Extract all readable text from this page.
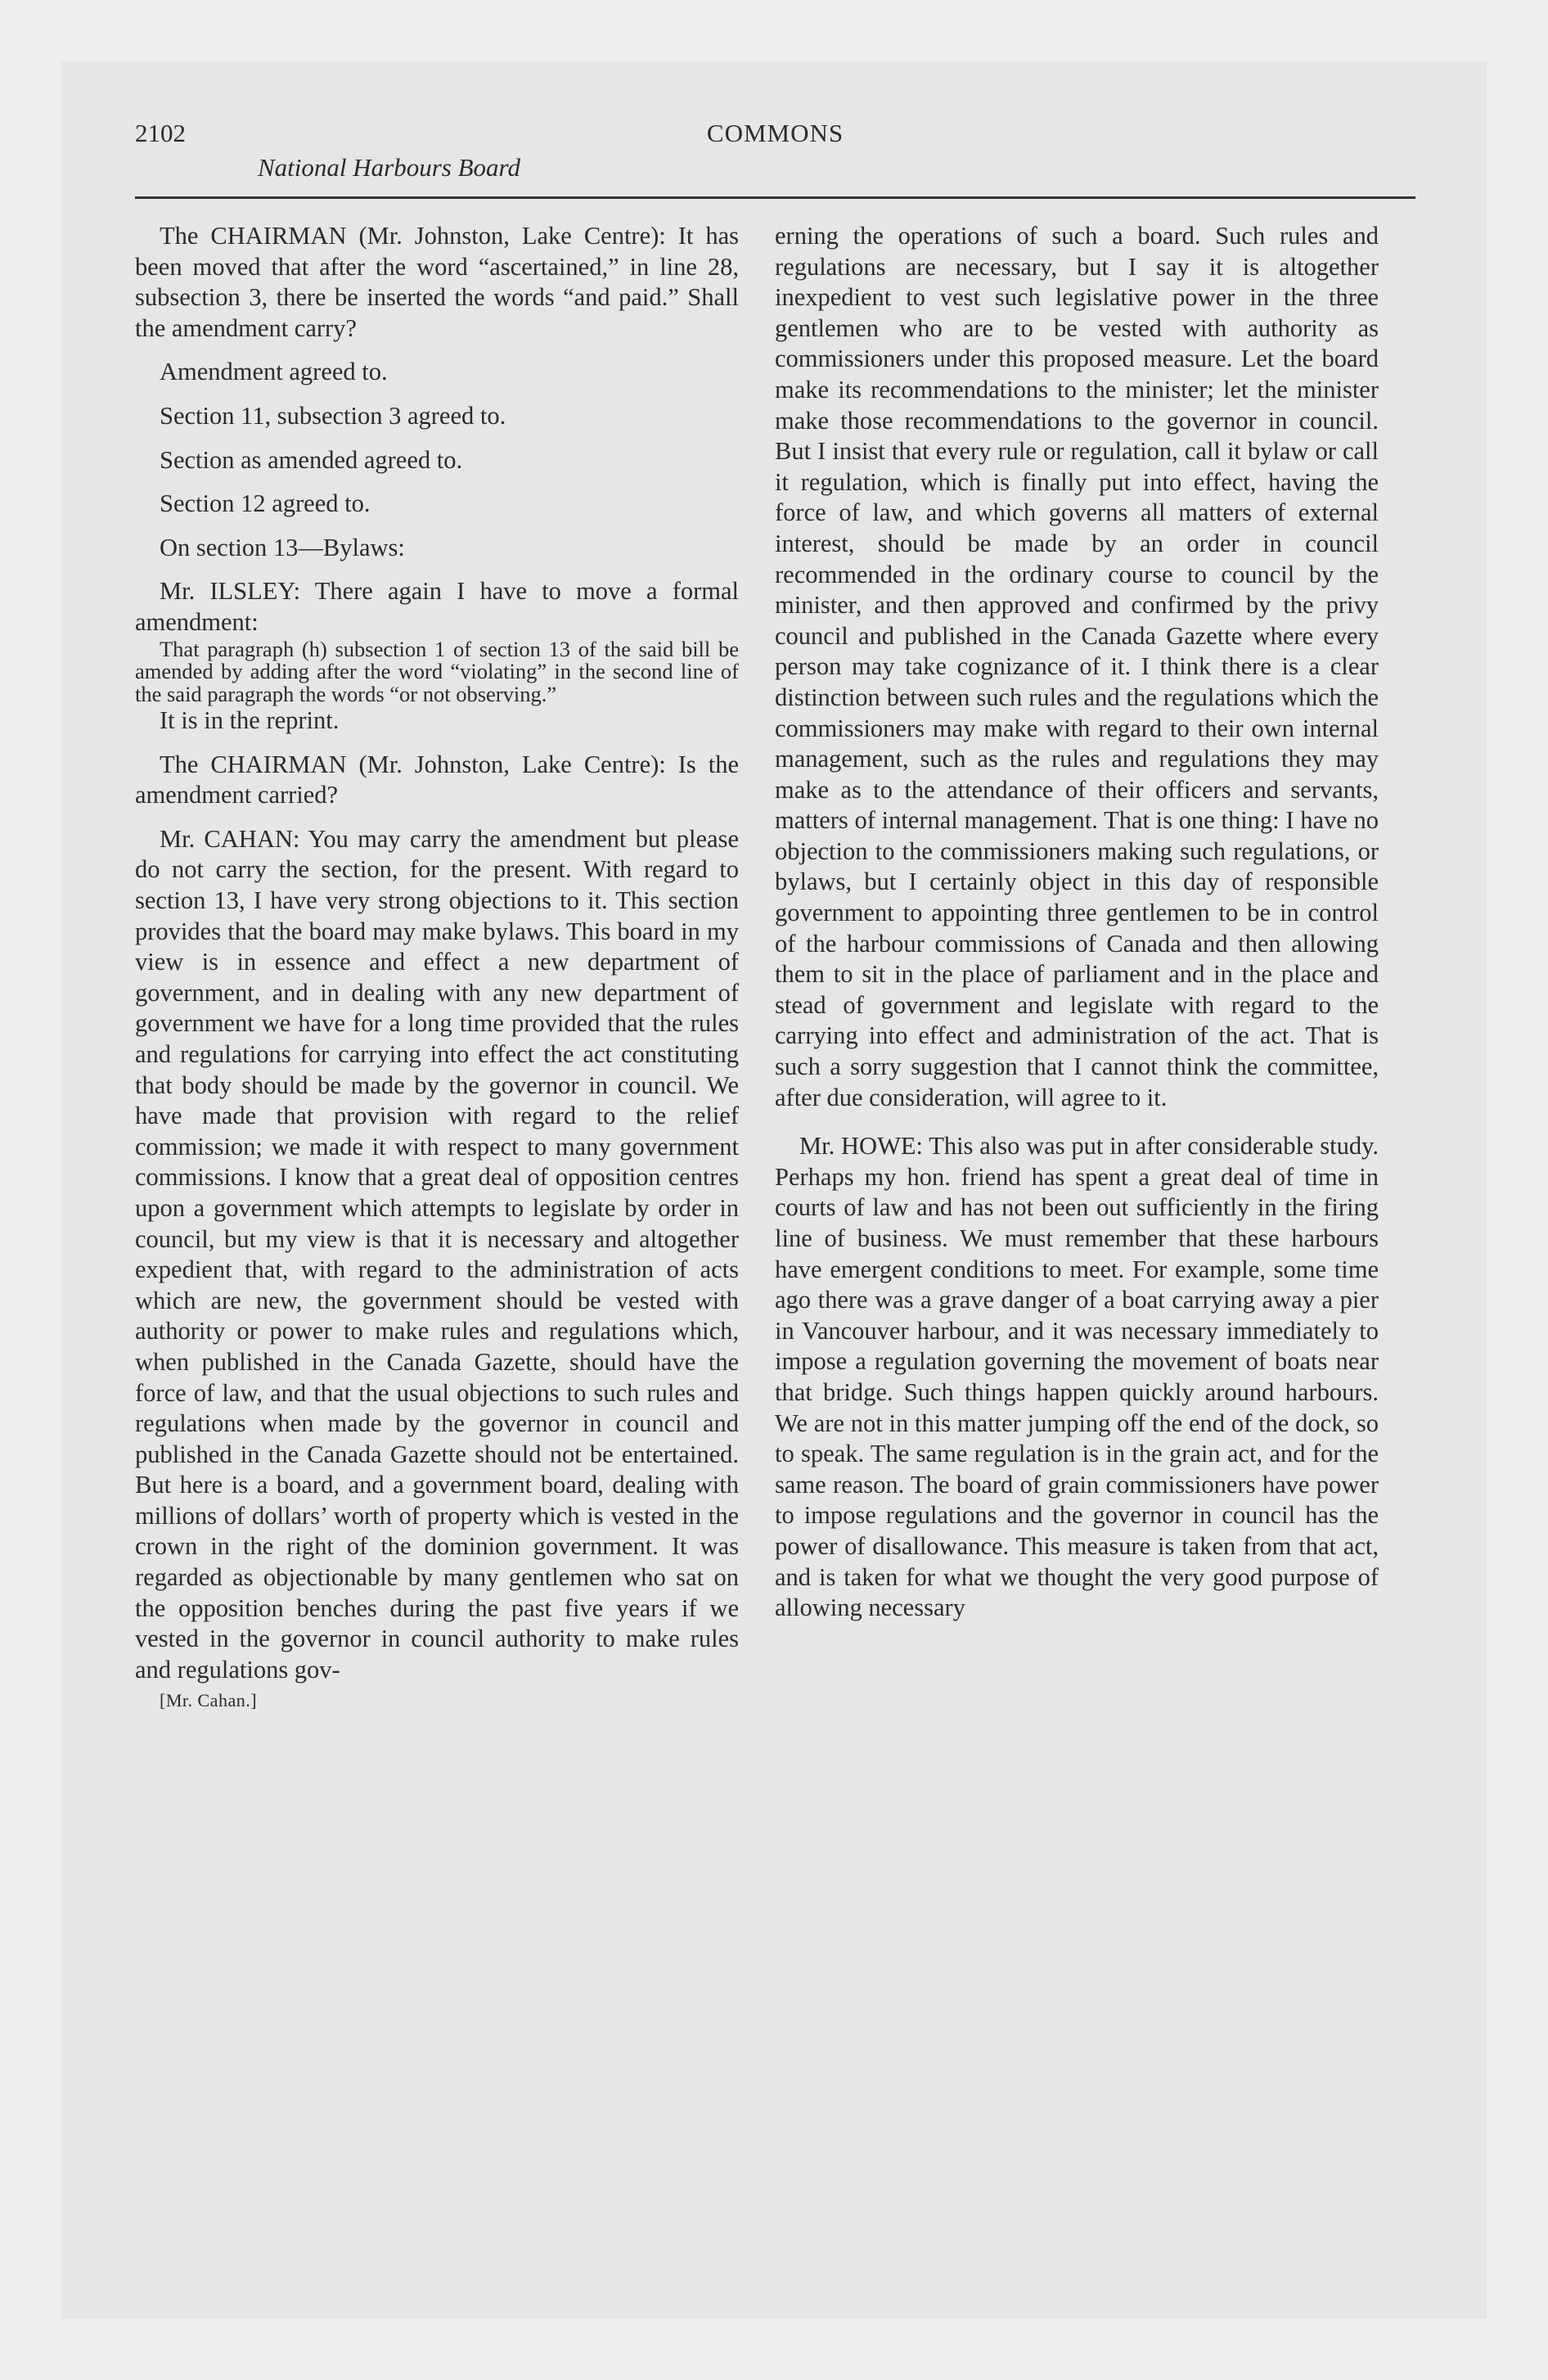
2102	COMMONS
National Harbours Board

The CHAIRMAN (Mr. Johnston, Lake Centre): It has been moved that after the word “ascertained,” in line 28, subsection 3, there be inserted the words “and paid.” Shall the amendment carry?

Amendment agreed to.

Section 11, subsection 3 agreed to.

Section as amended agreed to.

Section 12 agreed to.

On section 13—Bylaws:

Mr. ILSLEY: There again I have to move a formal amendment:

That paragraph (h) subsection 1 of section 13 of the said bill be amended by adding after the word “violating” in the second line of the said paragraph the words “or not observing.”

It is in the reprint.

The CHAIRMAN (Mr. Johnston, Lake Centre): Is the amendment carried?

Mr. CAHAN: You may carry the amendment but please do not carry the section, for the present. With regard to section 13, I have very strong objections to it. This section provides that the board may make bylaws. This board in my view is in essence and effect a new department of government, and in dealing with any new department of government we have for a long time provided that the rules and regulations for carrying into effect the act constituting that body should be made by the governor in council. We have made that provision with regard to the relief commission; we made it with respect to many government commissions. I know that a great deal of opposition centres upon a government which attempts to legislate by order in council, but my view is that it is necessary and altogether expedient that, with regard to the administration of acts which are new, the government should be vested with authority or power to make rules and regulations which, when published in the Canada Gazette, should have the force of law, and that the usual objections to such rules and regulations when made by the governor in council and published in the Canada Gazette should not be entertained. But here is a board, and a government board, dealing with millions of dollars’ worth of property which is vested in the crown in the right of the dominion government. It was regarded as objectionable by many gentlemen who sat on the opposition benches during the past five years if we vested in the governor in council authority to make rules and regulations gov-

[Mr. Cahan.]

erning the operations of such a board. Such rules and regulations are necessary, but I say it is altogether inexpedient to vest such legislative power in the three gentlemen who are to be vested with authority as commissioners under this proposed measure. Let the board make its recommendations to the minister; let the minister make those recommendations to the governor in council. But I insist that every rule or regulation, call it bylaw or call it regulation, which is finally put into effect, having the force of law, and which governs all matters of external interest, should be made by an order in council recommended in the ordinary course to council by the minister, and then approved and confirmed by the privy council and published in the Canada Gazette where every person may take cognizance of it. I think there is a clear distinction between such rules and the regulations which the commissioners may make with regard to their own internal management, such as the rules and regulations they may make as to the attendance of their officers and servants, matters of internal management. That is one thing: I have no objection to the commissioners making such regulations, or bylaws, but I certainly object in this day of responsible government to appointing three gentlemen to be in control of the harbour commissions of Canada and then allowing them to sit in the place of parliament and in the place and stead of government and legislate with regard to the carrying into effect and administration of the act. That is such a sorry suggestion that I cannot think the committee, after due consideration, will agree to it.

Mr. HOWE: This also was put in after considerable study. Perhaps my hon. friend has spent a great deal of time in courts of law and has not been out sufficiently in the firing line of business. We must remember that these harbours have emergent conditions to meet. For example, some time ago there was a grave danger of a boat carrying away a pier in Vancouver harbour, and it was necessary immediately to impose a regulation governing the movement of boats near that bridge. Such things happen quickly around harbours. We are not in this matter jumping off the end of the dock, so to speak. The same regulation is in the grain act, and for the same reason. The board of grain commissioners have power to impose regulations and the governor in council has the power of disallowance. This measure is taken from that act, and is taken for what we thought the very good purpose of allowing necessary
